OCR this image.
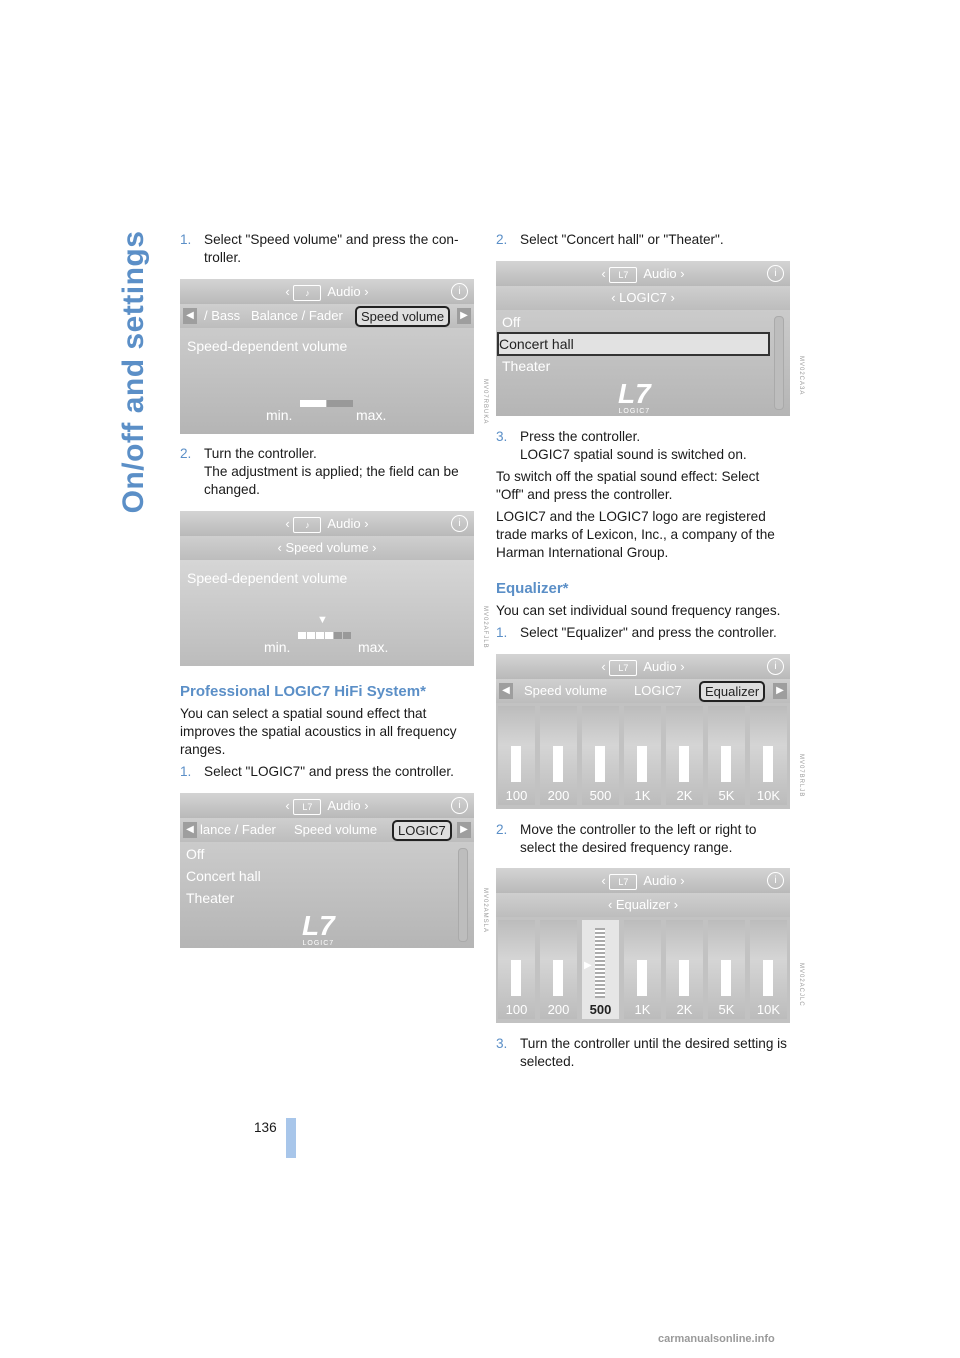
On/off and settings 1. Select "Speed volume" and press the con-troller.
‹ ♪ Audio ›	i
◀ / Bass Balance / Fader	Speed volume	▶
Speed-dependent volume
min.	max.	MV07RBUKA
2. Turn the controller.
The adjustment is applied; the field can be changed.
‹ ♪ Audio ›	i
‹ Speed volume ›
Speed-dependent volume
▼
min.	max.	MV02AFJLB
Professional LOGIC7 HiFi System*
You can select a spatial sound effect that improves the spatial acoustics in all frequency ranges.
1. Select "LOGIC7" and press the controller.
‹ L7 Audio ›	i
◀ lance / Fader Speed volume	LOGIC7	▶
Off
Concert hall
Theater
L7
LOGIC7
MV02AMSLA
2. Select "Concert hall" or "Theater".
‹ L7 Audio ›	i
‹ LOGIC7 ›
Off
Concert hall
Theater
L7
LOGIC7
MV02CA3A
3. Press the controller.
LOGIC7 spatial sound is switched on.
To switch off the spatial sound effect: Select "Off" and press the controller.
LOGIC7 and the LOGIC7 logo are registered trade marks of Lexicon, Inc., a company of the Harman International Group.
Equalizer*
You can set individual sound frequency ranges.
1. Select "Equalizer" and press the controller.
‹ L7 Audio ›	i
◀ Speed volume LOGIC7	Equalizer	▶
100	200	500	1K	2K	5K	10K	MV07BRLJB
2. Move the controller to the left or right to select the desired frequency range.
‹ L7 Audio ›	i
‹ Equalizer ›
100	200
▶
500	1K	2K	5K	10K
MV02ACJLC
3. Turn the controller until the desired setting is selected.
136
carmanualsonline.info
